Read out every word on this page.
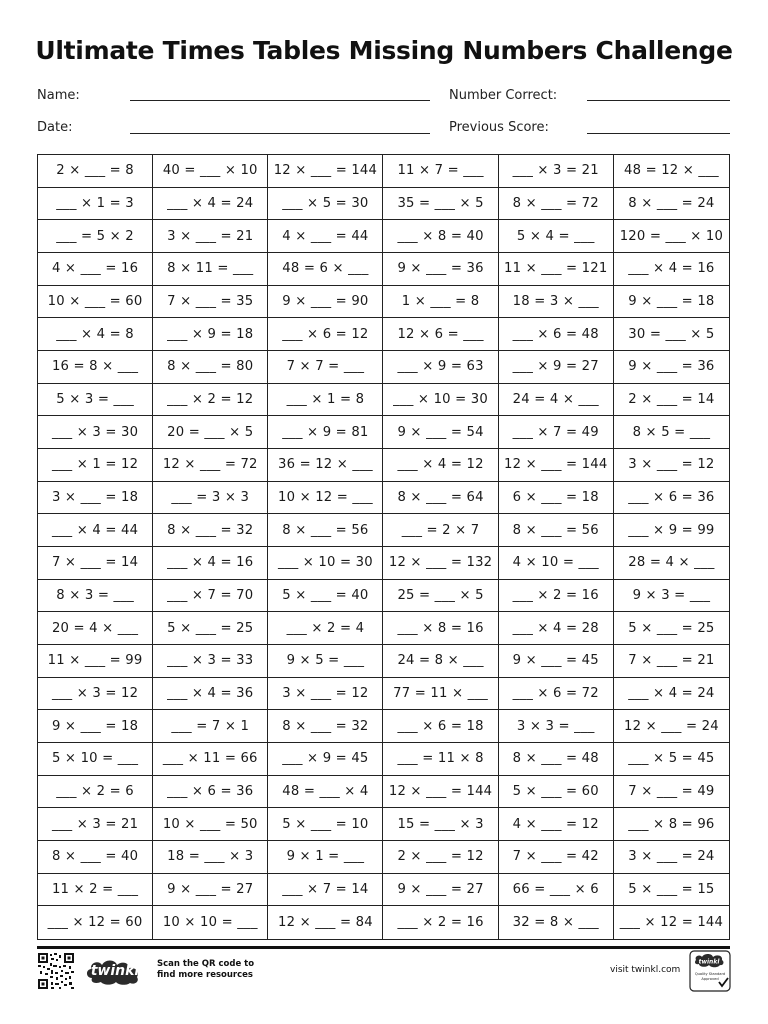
Ultimate Times Tables Missing Numbers Challenge
Name:	Number Correct:
Date:	Previous Score:
2 × ___ = 8	40 = ___ × 10	12 × ___ = 144	11 × 7 = ___	___ × 3 = 21	48 = 12 × ___
___ × 1 = 3	___ × 4 = 24	___ × 5 = 30	35 = ___ × 5	8 × ___ = 72	8 × ___ = 24
___ = 5 × 2	3 × ___ = 21	4 × ___ = 44	___ × 8 = 40	5 × 4 = ___	120 = ___ × 10
4 × ___ = 16	8 × 11 = ___	48 = 6 × ___	9 × ___ = 36	11 × ___ = 121	___ × 4 = 16
10 × ___ = 60	7 × ___ = 35	9 × ___ = 90	1 × ___ = 8	18 = 3 × ___	9 × ___ = 18
___ × 4 = 8	___ × 9 = 18	___ × 6 = 12	12 × 6 = ___	___ × 6 = 48	30 = ___ × 5
16 = 8 × ___	8 × ___ = 80	7 × 7 = ___	___ × 9 = 63	___ × 9 = 27	9 × ___ = 36
5 × 3 = ___	___ × 2 = 12	___ × 1 = 8	___ × 10 = 30	24 = 4 × ___	2 × ___ = 14
___ × 3 = 30	20 = ___ × 5	___ × 9 = 81	9 × ___ = 54	___ × 7 = 49	8 × 5 = ___
___ × 1 = 12	12 × ___ = 72	36 = 12 × ___	___ × 4 = 12	12 × ___ = 144	3 × ___ = 12
3 × ___ = 18	___ = 3 × 3	10 × 12 = ___	8 × ___ = 64	6 × ___ = 18	___ × 6 = 36
___ × 4 = 44	8 × ___ = 32	8 × ___ = 56	___ = 2 × 7	8 × ___ = 56	___ × 9 = 99
7 × ___ = 14	___ × 4 = 16	___ × 10 = 30	12 × ___ = 132	4 × 10 = ___	28 = 4 × ___
8 × 3 = ___	___ × 7 = 70	5 × ___ = 40	25 = ___ × 5	___ × 2 = 16	9 × 3 = ___
20 = 4 × ___	5 × ___ = 25	___ × 2 = 4	___ × 8 = 16	___ × 4 = 28	5 × ___ = 25
11 × ___ = 99	___ × 3 = 33	9 × 5 = ___	24 = 8 × ___	9 × ___ = 45	7 × ___ = 21
___ × 3 = 12	___ × 4 = 36	3 × ___ = 12	77 = 11 × ___	___ × 6 = 72	___ × 4 = 24
9 × ___ = 18	___ = 7 × 1	8 × ___ = 32	___ × 6 = 18	3 × 3 = ___	12 × ___ = 24
5 × 10 = ___	___ × 11 = 66	___ × 9 = 45	___ = 11 × 8	8 × ___ = 48	___ × 5 = 45
___ × 2 = 6	___ × 6 = 36	48 = ___ × 4	12 × ___ = 144	5 × ___ = 60	7 × ___ = 49
___ × 3 = 21	10 × ___ = 50	5 × ___ = 10	15 = ___ × 3	4 × ___ = 12	___ × 8 = 96
8 × ___ = 40	18 = ___ × 3	9 × 1 = ___	2 × ___ = 12	7 × ___ = 42	3 × ___ = 24
11 × 2 = ___	9 × ___ = 27	___ × 7 = 14	9 × ___ = 27	66 = ___ × 6	5 × ___ = 15
___ × 12 = 60	10 × 10 = ___	12 × ___ = 84	___ × 2 = 16	32 = 8 × ___	___ × 12 = 144
twinkl	Scan the QR code to
find more resources	visit twinkl.com
twinkl
Quality Standard
Approved
